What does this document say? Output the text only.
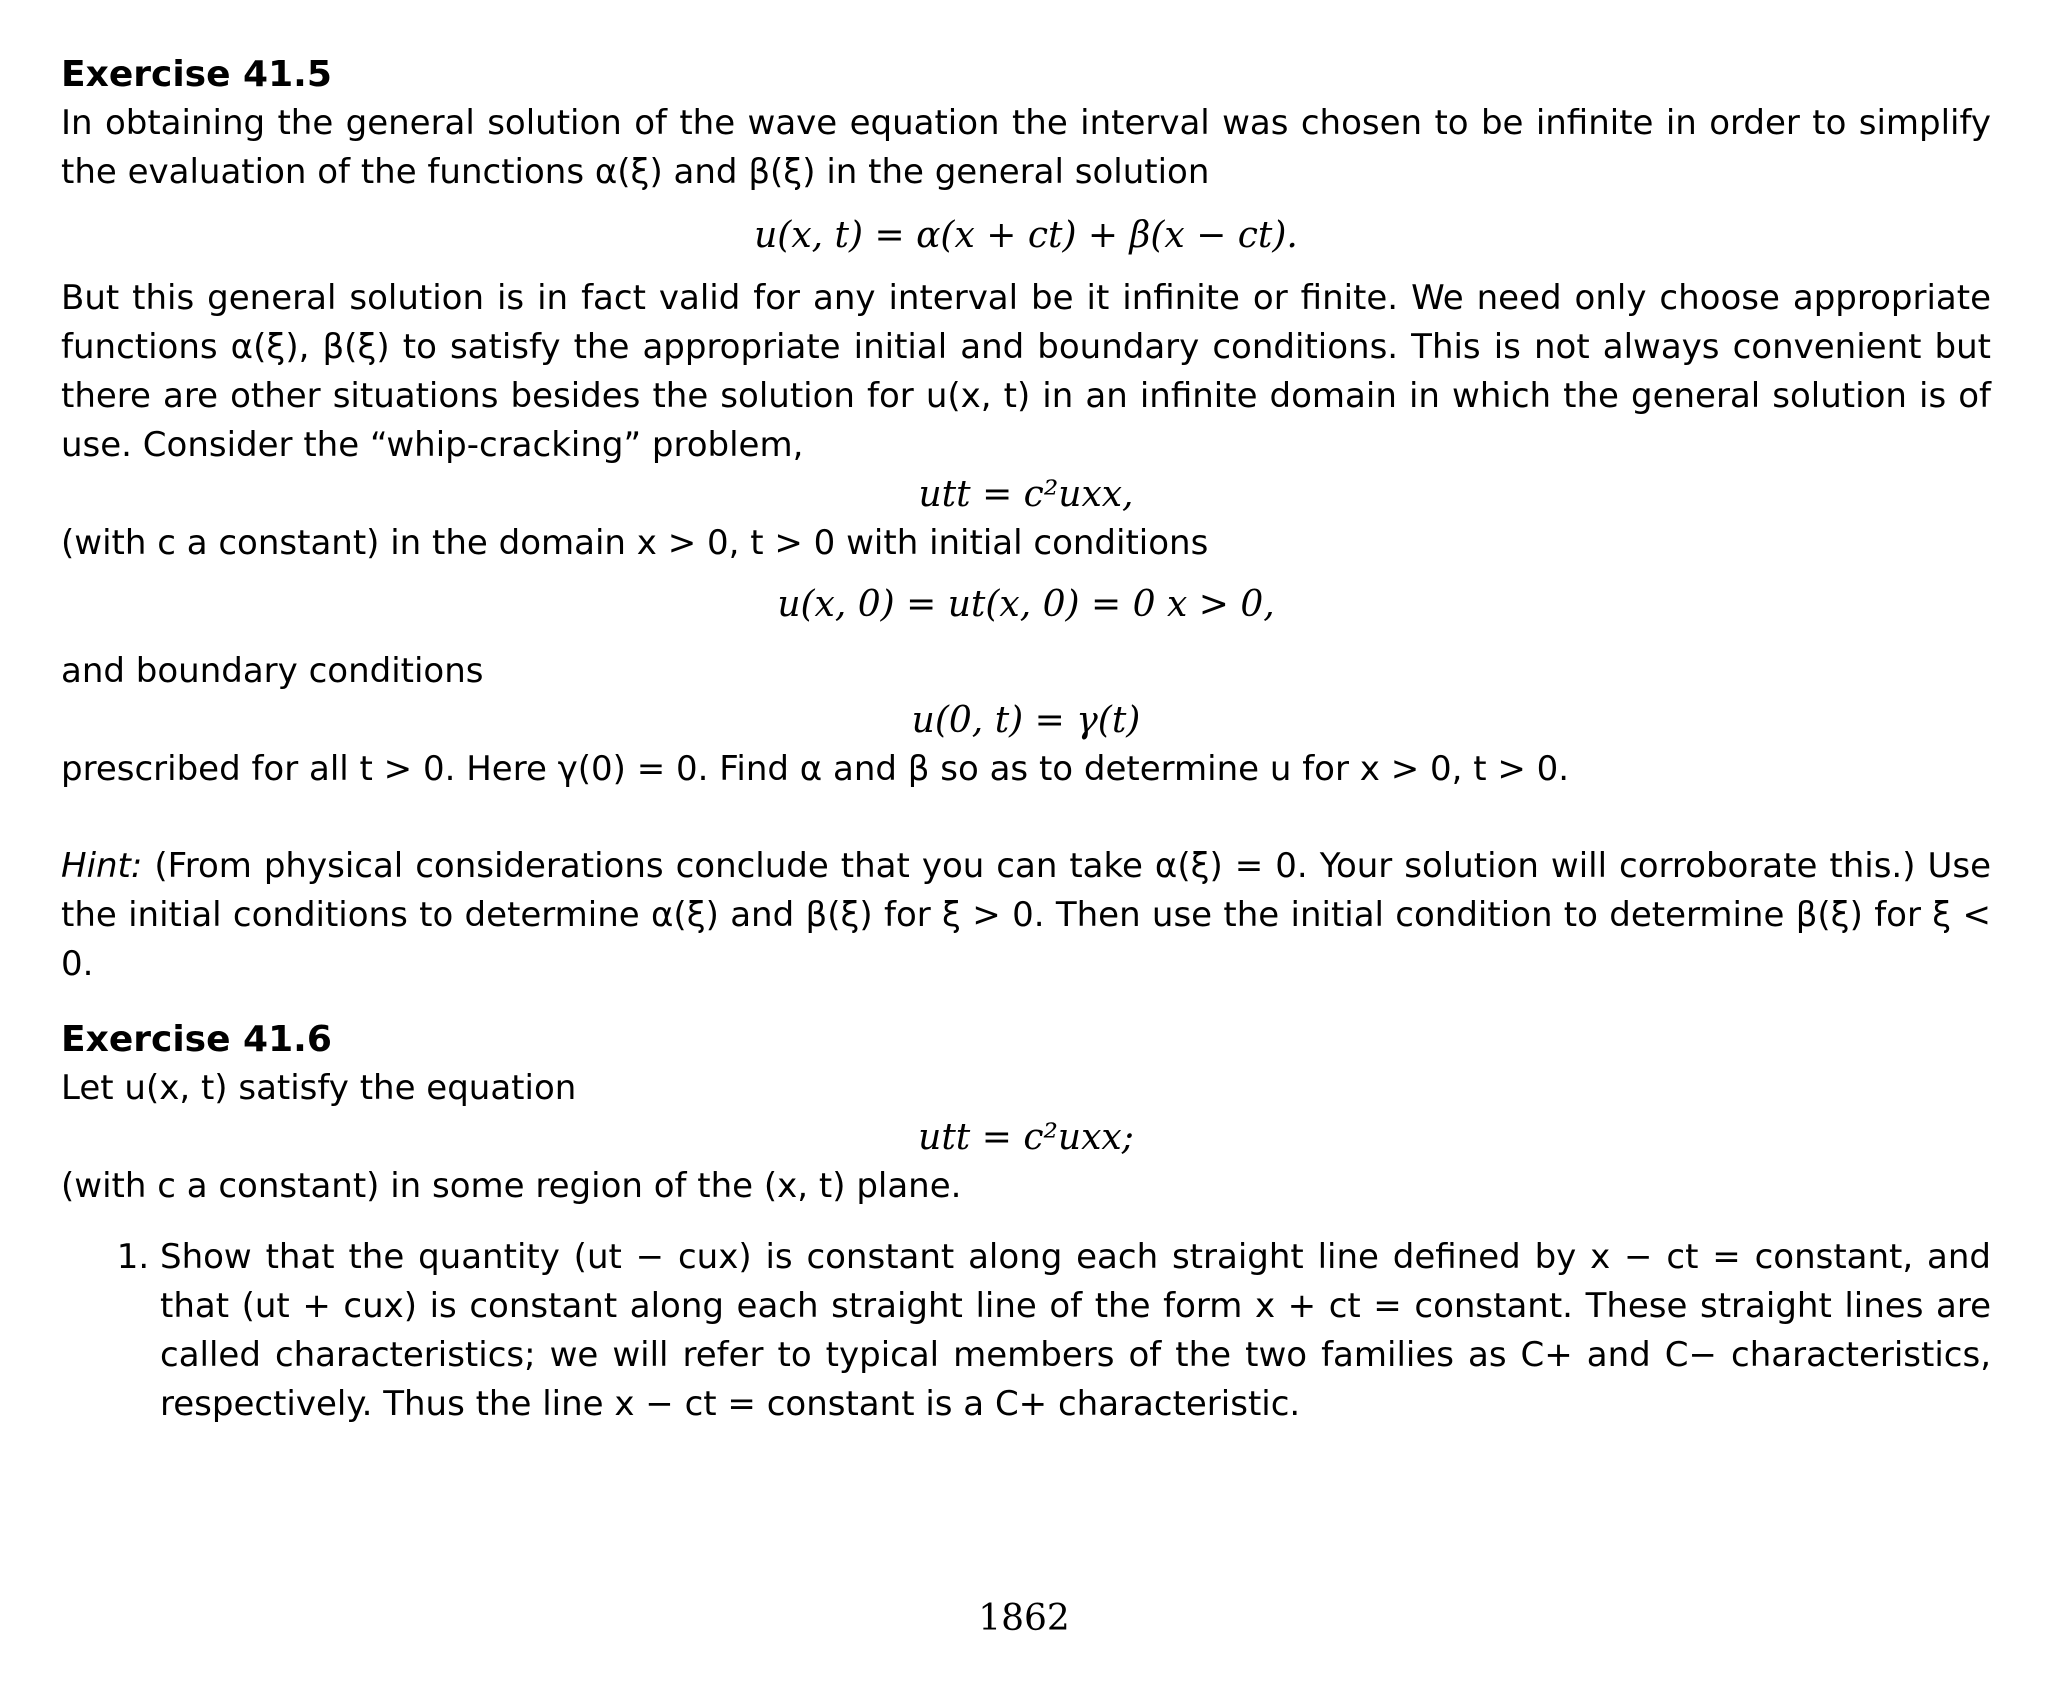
Exercise 41.5

In obtaining the general solution of the wave equation the interval was chosen to be infinite in order to simplify the evaluation of the functions α(ξ) and β(ξ) in the general solution

u(x, t) = α(x + ct) + β(x − ct).

But this general solution is in fact valid for any interval be it infinite or finite. We need only choose appropriate functions α(ξ), β(ξ) to satisfy the appropriate initial and boundary conditions. This is not always convenient but there are other situations besides the solution for u(x, t) in an infinite domain in which the general solution is of use. Consider the “whip-cracking” problem,

utt = c²uxx,

(with c a constant) in the domain x > 0, t > 0 with initial conditions

u(x, 0) = ut(x, 0) = 0 x > 0,

and boundary conditions

u(0, t) = γ(t)

prescribed for all t > 0. Here γ(0) = 0. Find α and β so as to determine u for x > 0, t > 0.

Hint: (From physical considerations conclude that you can take α(ξ) = 0. Your solution will corroborate this.) Use the initial conditions to determine α(ξ) and β(ξ) for ξ > 0. Then use the initial condition to determine β(ξ) for ξ < 0.

Exercise 41.6

Let u(x, t) satisfy the equation

utt = c²uxx;

(with c a constant) in some region of the (x, t) plane.

1. Show that the quantity (ut − cux) is constant along each straight line defined by x − ct = constant, and that (ut + cux) is constant along each straight line of the form x + ct = constant. These straight lines are called characteristics; we will refer to typical members of the two families as C+ and C− characteristics, respectively. Thus the line x − ct = constant is a C+ characteristic.
1862
